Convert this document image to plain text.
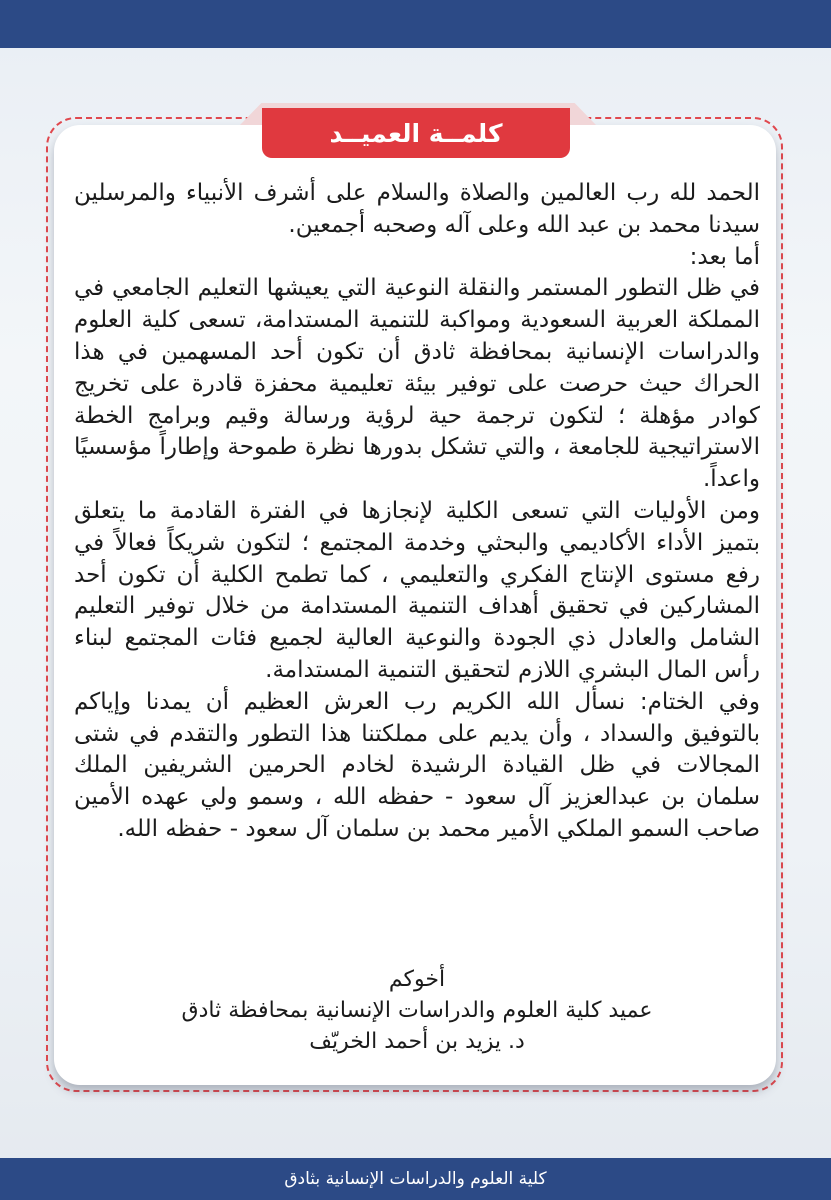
كلمــة العميــد

الحمد لله رب العالمين والصلاة والسلام على أشرف الأنبياء والمرسلين سيدنا محمد بن عبد الله وعلى آله وصحبه أجمعين.

أما بعد:

في ظل التطور المستمر والنقلة النوعية التي يعيشها التعليم الجامعي في المملكة العربية السعودية ومواكبة للتنمية المستدامة، تسعى كلية العلوم والدراسات الإنسانية بمحافظة ثادق أن تكون أحد المسهمين في هذا الحراك حيث حرصت على توفير بيئة تعليمية محفزة قادرة على تخريج كوادر مؤهلة ؛ لتكون ترجمة حية لرؤية ورسالة وقيم وبرامج الخطة الاستراتيجية للجامعة ، والتي تشكل بدورها نظرة طموحة وإطاراً مؤسسيًا واعداً.

ومن الأوليات التي تسعى الكلية لإنجازها في الفترة القادمة ما يتعلق بتميز الأداء الأكاديمي والبحثي وخدمة المجتمع ؛ لتكون شريكاً فعالاً في رفع مستوى الإنتاج الفكري والتعليمي ، كما تطمح الكلية أن تكون أحد المشاركين في تحقيق أهداف التنمية المستدامة من خلال توفير التعليم الشامل والعادل ذي الجودة والنوعية العالية لجميع فئات المجتمع لبناء رأس المال البشري اللازم لتحقيق التنمية المستدامة.

وفي الختام: نسأل الله الكريم رب العرش العظيم أن يمدنا وإياكم بالتوفيق والسداد ، وأن يديم على مملكتنا هذا التطور والتقدم في شتى المجالات في ظل القيادة الرشيدة لخادم الحرمين الشريفين الملك سلمان بن عبدالعزيز آل سعود - حفظه الله ، وسمو ولي عهده الأمين صاحب السمو الملكي الأمير محمد بن سلمان آل سعود - حفظه الله.

أخوكم
عميد كلية العلوم والدراسات الإنسانية بمحافظة ثادق
د. يزيد بن أحمد الخريّف
كلية العلوم والدراسات الإنسانية بثادق
